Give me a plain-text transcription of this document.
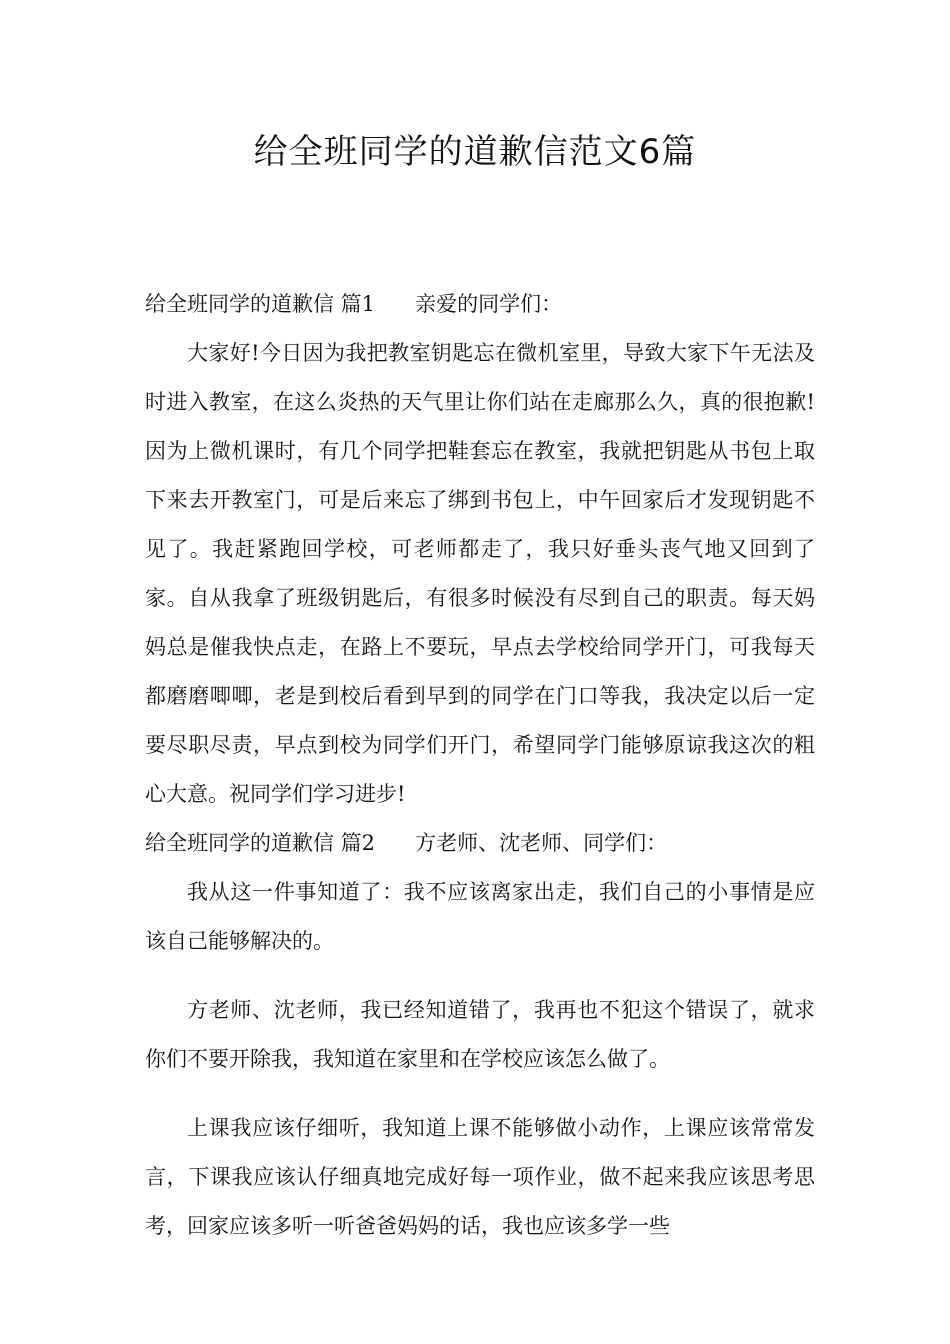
给全班同学的道歉信范文6篇

给全班同学的道歉信 篇1 亲爱的同学们：

大家好!今日因为我把教室钥匙忘在微机室里，导致大家下午无法及时进入教室，在这么炎热的天气里让你们站在走廊那么久，真的很抱歉!因为上微机课时，有几个同学把鞋套忘在教室，我就把钥匙从书包上取下来去开教室门，可是后来忘了绑到书包上，中午回家后才发现钥匙不见了。我赶紧跑回学校，可老师都走了，我只好垂头丧气地又回到了家。自从我拿了班级钥匙后，有很多时候没有尽到自己的职责。每天妈妈总是催我快点走，在路上不要玩，早点去学校给同学开门，可我每天都磨磨唧唧，老是到校后看到早到的同学在门口等我，我决定以后一定要尽职尽责，早点到校为同学们开门，希望同学门能够原谅我这次的粗心大意。祝同学们学习进步!

给全班同学的道歉信 篇2 方老师、沈老师、同学们：

我从这一件事知道了：我不应该离家出走，我们自己的小事情是应该自己能够解决的。

方老师、沈老师，我已经知道错了，我再也不犯这个错误了，就求你们不要开除我，我知道在家里和在学校应该怎么做了。

上课我应该仔细听，我知道上课不能够做小动作，上课应该常常发言，下课我应该认仔细真地完成好每一项作业，做不起来我应该思考思考，回家应该多听一听爸爸妈妈的话，我也应该多学一些
